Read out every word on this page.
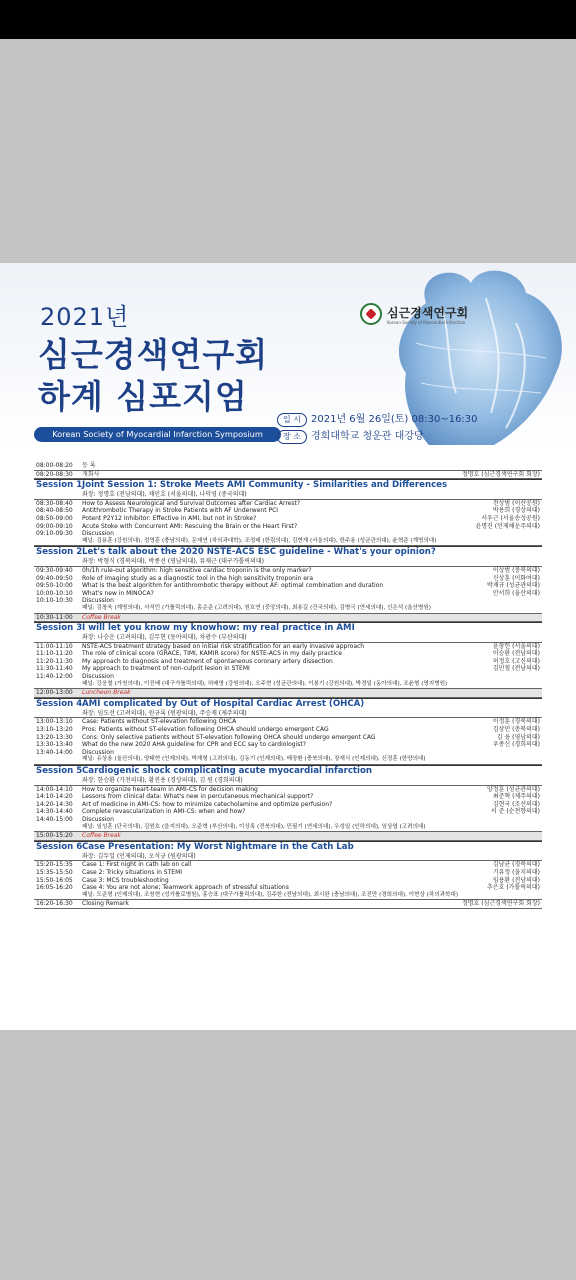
2021년
심근경색연구회
하계 심포지엄
Korean Society of Myocardial Infarction Symposium
심근경색연구회
Korean Society of Myocardial Infarction
일 시 2021년 6월 26일(토) 08:30~16:30
장 소 경희대학교 청운관 대강당
08:00-08:20 등 록
08:20-08:30 개회사	정명호 (심근경색연구회 회장)
Session 1 Joint Session 1: Stroke Meets AMI Community - Similarities and Differences
좌장: 정명호 (전남의대), 채인호 (서울의대), 나덕영 (중국의대)
08:30-08:40 How to Assess Neurological and Survival Outcomes after Cardiac Arrest?	전상범 (이산공원)
08:40-08:50 Antithrombotic Therapy in Stroke Patients with AF Underwent PCI	박용희 (경상의대)
08:50-09:00 Potent P2Y12 Inhibitor: Effective in AMI, but not in Stroke?	서우근 (서울송성공원)
09:00-09:10 Acute Stoke with Concurrent AMI: Rescuing the Brain or the Heart First?	윤명진 (인제해운주의대)
09:10-09:30 Discussion
패널: 김용훈 (강원의대), 정영훈 (충남의대), 문재연 (차의과대학), 조정래 (한림의대), 김현재 (서울의대), 한주용 (성균관의대), 윤혁준 (계명의대)
Session 2 Let's talk about the 2020 NSTE-ACS ESC guideline - What's your opinion?
좌장: 박형식 (경북의대), 박종선 (영남의대), 류재근 (대구가톨릭의대)
09:30-09:40 0h/1h rule-out algorithm: high sensitive cardiac troponin is the only marker?	이상범 (충북의대)
09:40-09:50 Role of imaging study as a diagnostic tool in the high sensitivity troponin era	신상훈 (이화여대)
09:50-10:00 What is the best algorithm for antithrombotic therapy without AF: optimal combination and duration	박재규 (성균관의대)
10:00-10:10 What's new in MINOCA?	안서희 (울산의대)
10:10-10:30 Discussion
패널: 김창욱 (계명의대), 서석민 (가톨릭의대), 홍순준 (고려의대), 원호연 (중앙의대), 최용길 (건국의대), 김병극 (연세의대), 신은석 (울산병원)
10:30-11:00 Coffee Break
Session 3 I will let you know my knowhow: my real practice in AMI
좌장: 나승운 (고려의대), 김무현 (동아의대), 차광수 (부산의대)
11:00-11:10 NSTE-ACS treatment strategy based on initial risk stratification for an early invasive approach	윤창헌 (서울의대)
11:10-11:20 The role of clinical score (GRACE, TIMI, KAMIR score) for NSTE-ACS in my daily practice	이승환 (전남의대)
11:20-11:30 My approach to diagnosis and treatment of spontaneous coronary artery dissection	허정호 (고신의대)
11:30-11:40 My approach to treatment of non-culprit lesion in STEMI	김민철 (전남의대)
11:40-12:00 Discussion
패널: 강웅철 (가천의대), 이진배 (대구가톨릭의대), 허배영 (강원의대), 오주현 (성균관의대), 이봉기 (강원의대), 박경일 (동아의대), 조윤형 (명지병원)
12:00-13:00 Luncheon Break
Session 4 AMI complicated by Out of Hospital Cardiac Arrest (OHCA)
좌장: 임도선 (고려의대), 원규록 (원광의대), 주승재 (제주의대)
13:00-13:10 Case: Patients without ST-elevation following OHCA	이정훈 (경북의대)
13:10-13:20 Pros: Patients without ST-elevation following OHCA should undergo emergent CAG	김상민 (충북의대)
13:20-13:30 Cons: Only selective patients without ST-elevation following OHCA should undergo emergent CAG	김 웅 (영남의대)
13:30-13:40 What do the new 2020 AHA guideline for CPR and ECC say to cardiologist?	우종신 (경희의대)
13:40-14:00 Discussion
패널: 유상용 (울산의대), 양태현 (인제의대), 박재형 (고려의대), 김동기 (인제의대), 배장환 (충북의대), 장재식 (인제의대), 신정훈 (한양의대)
Session 5 Cardiogenic shock complicating acute myocardial infarction
좌장: 한승환 (가천의대), 황진용 (경상의대), 김 원 (경희의대)
14:00-14:10 How to organize heart-team in AMI-CS for decision making	양정훈 (성균관의대)
14:10-14:20 Lessons from clinical data: What's new in percutaneous mechanical support?	최준혁 (제주의대)
14:20-14:30 Art of medicine in AMI-CS: how to minimize catecholamine and optimize perfusion?	김현국 (조선의대)
14:30-14:40 Complete revascularization in AMI-CS: when and how?	서 준 (순천향의대)
14:40-15:00 Discussion
패널: 임성훈 (단국의대), 김원호 (을지의대), 오준혁 (부산의대), 이상록 (전북의대), 민필기 (연세의대), 우성일 (인하의대), 임상엽 (고려의대)
15:00-15:20 Coffee Break
Session 6 Case Presentation: My Worst Nightmare in the Cath Lab
좌장: 김두일 (인제의대), 오석규 (원광의대)
15:20-15:35 Case 1: First night in cath lab on call	김남균 (경북의대)
15:35-15:50 Case 2: Tricky situations in STEMI	기유정 (을지의대)
15:50-16:05 Case 3: MCS troubleshooting	임용환 (전남의대)
16:05-16:20 Case 4: You are not alone; Teamwork approach of stressful situations	추은호 (가톨릭의대)
패널: 도준형 (인제의대), 조창현 (성가롤로병원), 홍승표 (대구가톨릭의대), 김주한 (전남의대), 최시완 (충남의대), 조진만 (경희의대), 이현상 (차의과학대)
16:20-16:30 Closing Remark	정명호 (심근경색연구회 회장)
